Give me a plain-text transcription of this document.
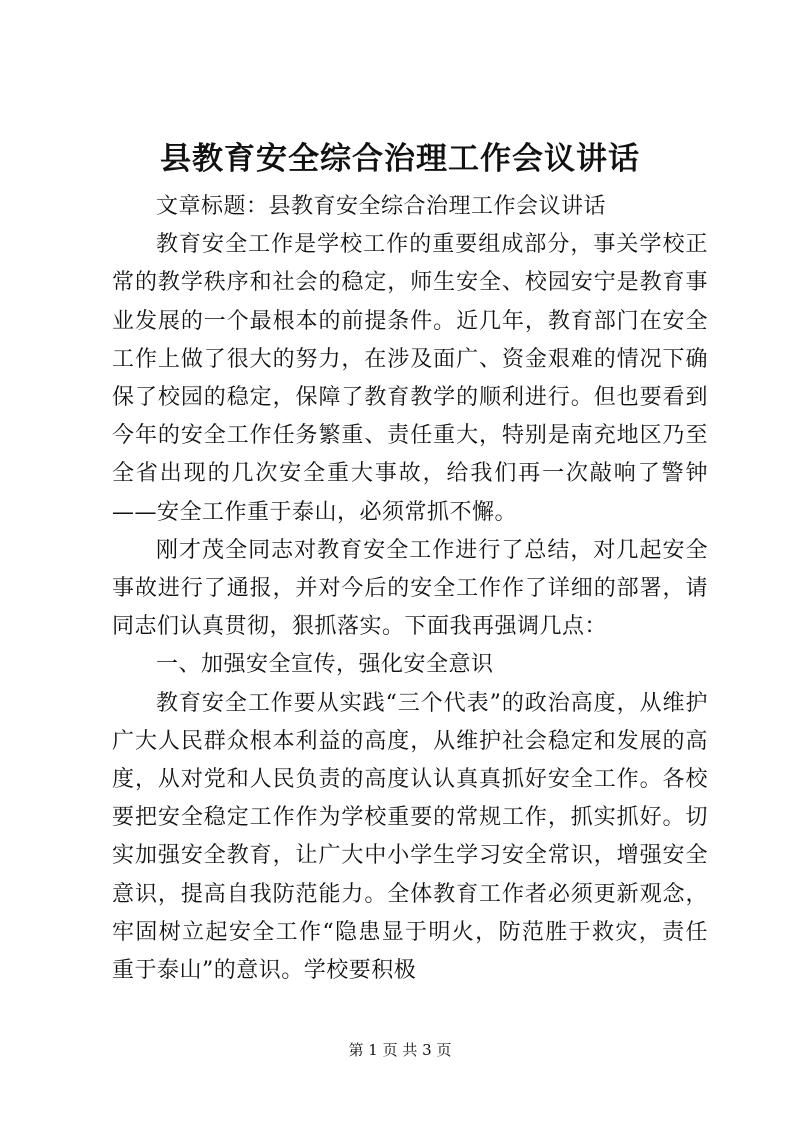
县教育安全综合治理工作会议讲话

文章标题：县教育安全综合治理工作会议讲话

教育安全工作是学校工作的重要组成部分，事关学校正常的教学秩序和社会的稳定，师生安全、校园安宁是教育事业发展的一个最根本的前提条件。近几年，教育部门在安全工作上做了很大的努力，在涉及面广、资金艰难的情况下确保了校园的稳定，保障了教育教学的顺利进行。但也要看到今年的安全工作任务繁重、责任重大，特别是南充地区乃至全省出现的几次安全重大事故，给我们再一次敲响了警钟——安全工作重于泰山，必须常抓不懈。

刚才茂全同志对教育安全工作进行了总结，对几起安全事故进行了通报，并对今后的安全工作作了详细的部署，请同志们认真贯彻，狠抓落实。下面我再强调几点：

一、加强安全宣传，强化安全意识

教育安全工作要从实践“三个代表”的政治高度，从维护广大人民群众根本利益的高度，从维护社会稳定和发展的高度，从对党和人民负责的高度认认真真抓好安全工作。各校要把安全稳定工作作为学校重要的常规工作，抓实抓好。切实加强安全教育，让广大中小学生学习安全常识，增强安全意识，提高自我防范能力。全体教育工作者必须更新观念，牢固树立起安全工作“隐患显于明火，防范胜于救灾，责任重于泰山”的意识。学校要积极

第 1 页 共 3 页
